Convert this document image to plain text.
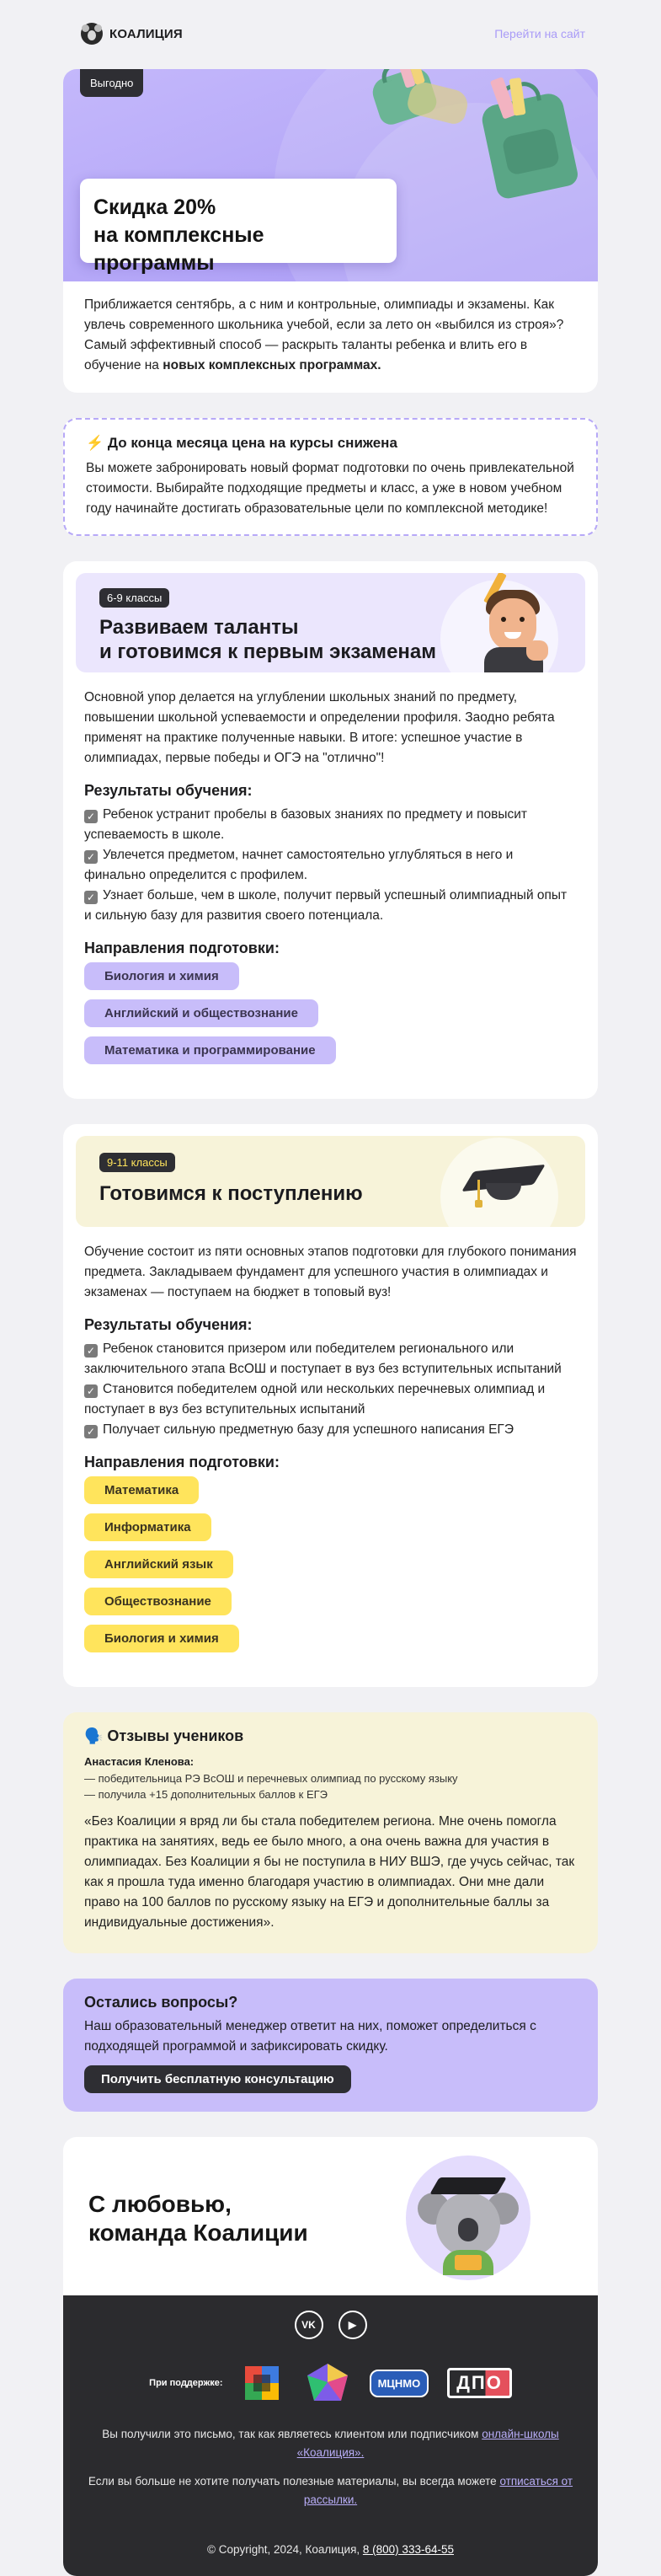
КОАЛИЦИЯ	Перейти на сайт
Выгодно
Скидка 20%
на комплексные программы
Приближается сентябрь, а с ним и контрольные, олимпиады и экзамены. Как увлечь современного школьника учебой, если за лето он «выбился из строя»? Самый эффективный способ — раскрыть таланты ребенка и влить его в обучение на новых комплексных программах.
⚡ До конца месяца цена на курсы снижена
Вы можете забронировать новый формат подготовки по очень привлекательной стоимости. Выбирайте подходящие предметы и класс, а уже в новом учебном году начинайте достигать образовательные цели по комплексной методике!
6-9 классы
Развиваем таланты
и готовимся к первым экзаменам
Основной упор делается на углублении школьных знаний по предмету, повышении школьной успеваемости и определении профиля. Заодно ребята применят на практике полученные навыки. В итоге: успешное участие в олимпиадах, первые победы и ОГЭ на "отлично"!
Результаты обучения:
✓ Ребенок устранит пробелы в базовых знаниях по предмету и повысит успеваемость в школе.
✓ Увлечется предметом, начнет самостоятельно углубляться в него и финально определится с профилем.
✓ Узнает больше, чем в школе, получит первый успешный олимпиадный опыт и сильную базу для развития своего потенциала.
Направления подготовки:
Биология и химия
Английский и обществознание
Математика и программирование
9-11 классы
Готовимся к поступлению
Обучение состоит из пяти основных этапов подготовки для глубокого понимания предмета. Закладываем фундамент для успешного участия в олимпиадах и экзаменах — поступаем на бюджет в топовый вуз!
Результаты обучения:
✓ Ребенок становится призером или победителем регионального или заключительного этапа ВсОШ и поступает в вуз без вступительных испытаний
✓ Становится победителем одной или нескольких перечневых олимпиад и поступает в вуз без вступительных испытаний
✓ Получает сильную предметную базу для успешного написания ЕГЭ
Направления подготовки:
Математика
Информатика
Английский язык
Обществознание
Биология и химия
🗣️ Отзывы учеников
Анастасия Кленова:
— победительница РЭ ВсОШ и перечневых олимпиад по русскому языку
— получила +15 дополнительных баллов к ЕГЭ
«Без Коалиции я вряд ли бы стала победителем региона. Мне очень помогла практика на занятиях, ведь ее было много, а она очень важна для участия в олимпиадах. Без Коалиции я бы не поступила в НИУ ВШЭ, где учусь сейчас, так как я прошла туда именно благодаря участию в олимпиадах. Они мне дали право на 100 баллов по русскому языку на ЕГЭ и дополнительные баллы за индивидуальные достижения».
Остались вопросы?
Наш образовательный менеджер ответит на них, поможет определиться с подходящей программой и зафиксировать скидку.
Получить бесплатную консультацию
С любовью,
команда Коалиции
VK	▶
При поддержке:	МЦНМО	ДПО
Вы получили это письмо, так как являетесь клиентом или подписчиком онлайн-школы «Коалиция».
Если вы больше не хотите получать полезные материалы, вы всегда можете отписаться от рассылки.
© Copyright, 2024, Коалиция, 8 (800) 333-64-55
